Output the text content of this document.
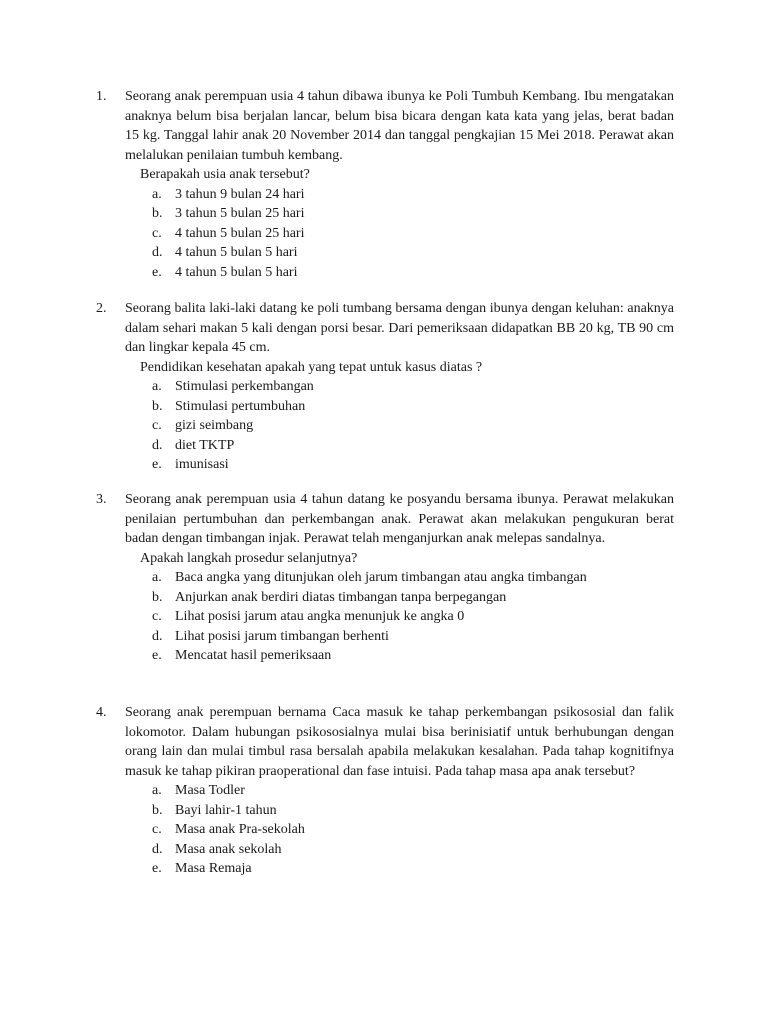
1. Seorang anak perempuan usia 4 tahun dibawa ibunya ke Poli Tumbuh Kembang. Ibu mengatakan anaknya belum bisa berjalan lancar, belum bisa bicara dengan kata kata yang jelas, berat badan 15 kg. Tanggal lahir anak 20 November 2014 dan tanggal pengkajian 15 Mei 2018. Perawat akan melalukan penilaian tumbuh kembang.

Berapakah usia anak tersebut?

a. 3 tahun 9 bulan 24 hari
b. 3 tahun 5 bulan 25 hari
c. 4 tahun 5 bulan 25 hari
d. 4 tahun 5 bulan 5 hari
e. 4 tahun 5 bulan 5 hari
2. Seorang balita laki-laki datang ke poli tumbang bersama dengan ibunya dengan keluhan: anaknya dalam sehari makan 5 kali dengan porsi besar. Dari pemeriksaan didapatkan BB 20 kg, TB 90 cm dan lingkar kepala 45 cm.

Pendidikan kesehatan apakah yang tepat untuk kasus diatas ?

a. Stimulasi perkembangan
b. Stimulasi pertumbuhan
c. gizi seimbang
d. diet TKTP
e. imunisasi
3. Seorang anak perempuan usia 4 tahun datang ke posyandu bersama ibunya. Perawat melakukan penilaian pertumbuhan dan perkembangan anak. Perawat akan melakukan pengukuran berat badan dengan timbangan injak. Perawat telah menganjurkan anak melepas sandalnya.

Apakah langkah prosedur selanjutnya?

a. Baca angka yang ditunjukan oleh jarum timbangan atau angka timbangan
b. Anjurkan anak berdiri diatas timbangan tanpa berpegangan
c. Lihat posisi jarum atau angka menunjuk ke angka 0
d. Lihat posisi jarum timbangan berhenti
e. Mencatat hasil pemeriksaan
4. Seorang anak perempuan bernama Caca masuk ke tahap perkembangan psikososial dan falik lokomotor. Dalam hubungan psikososialnya mulai bisa berinisiatif untuk berhubungan dengan orang lain dan mulai timbul rasa bersalah apabila melakukan kesalahan. Pada tahap kognitifnya masuk ke tahap pikiran praoperational dan fase intuisi. Pada tahap masa apa anak tersebut?

a. Masa Todler
b. Bayi lahir-1 tahun
c. Masa anak Pra-sekolah
d. Masa anak sekolah
e. Masa Remaja
